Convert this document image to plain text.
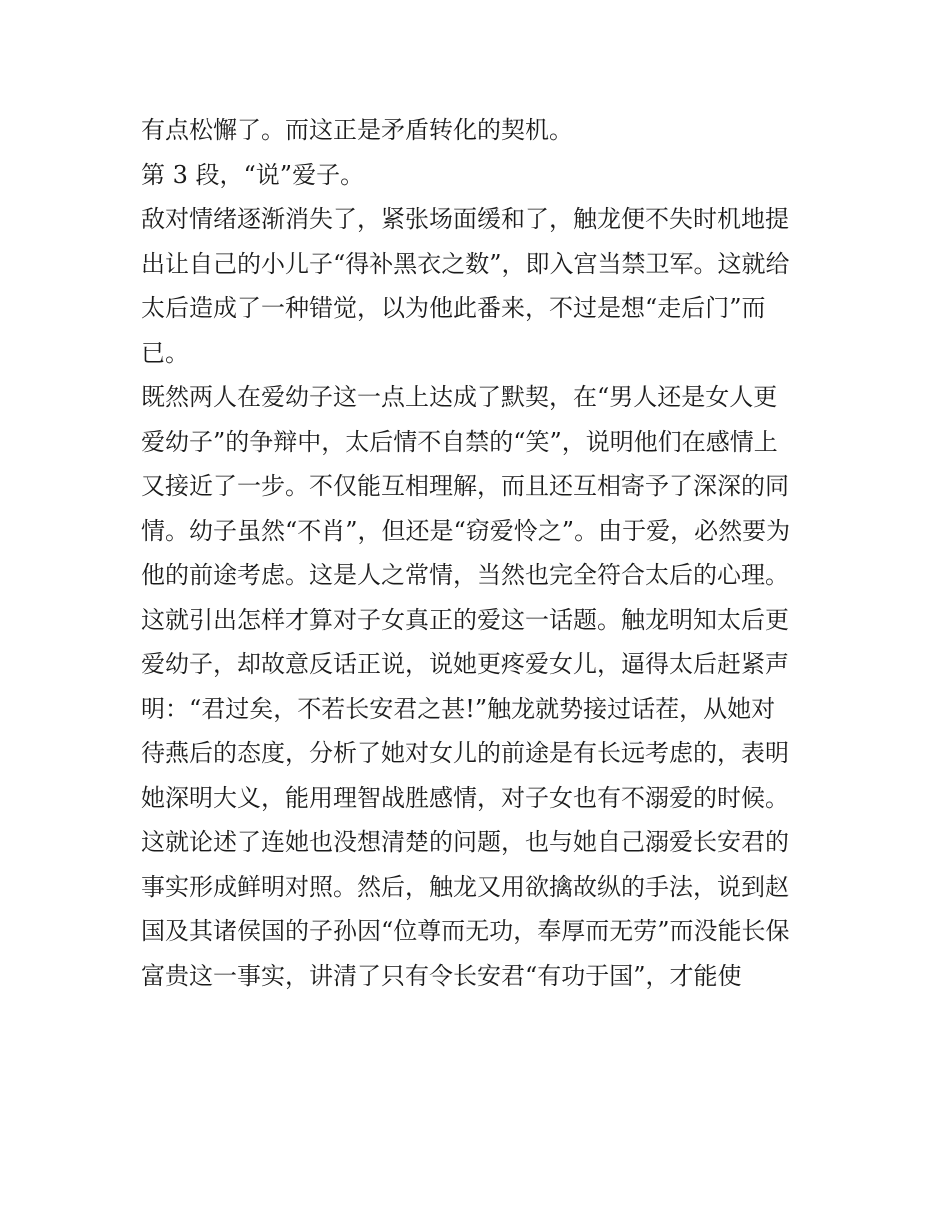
有点松懈了。而这正是矛盾转化的契机。
第 3 段，“说”爱子。
敌对情绪逐渐消失了，紧张场面缓和了，触龙便不失时机地提
出让自己的小儿子“得补黑衣之数”，即入宫当禁卫军。这就给
太后造成了一种错觉，以为他此番来，不过是想“走后门”而
已。
既然两人在爱幼子这一点上达成了默契，在“男人还是女人更
爱幼子”的争辩中，太后情不自禁的“笑”，说明他们在感情上
又接近了一步。不仅能互相理解，而且还互相寄予了深深的同
情。幼子虽然“不肖”，但还是“窃爱怜之”。由于爱，必然要为
他的前途考虑。这是人之常情，当然也完全符合太后的心理。
这就引出怎样才算对子女真正的爱这一话题。触龙明知太后更
爱幼子，却故意反话正说，说她更疼爱女儿，逼得太后赶紧声
明：“君过矣，不若长安君之甚!”触龙就势接过话茬，从她对
待燕后的态度，分析了她对女儿的前途是有长远考虑的，表明
她深明大义，能用理智战胜感情，对子女也有不溺爱的时候。
这就论述了连她也没想清楚的问题，也与她自己溺爱长安君的
事实形成鲜明对照。然后，触龙又用欲擒故纵的手法，说到赵
国及其诸侯国的子孙因“位尊而无功，奉厚而无劳”而没能长保
富贵这一事实，讲清了只有令长安君“有功于国”，才能使
